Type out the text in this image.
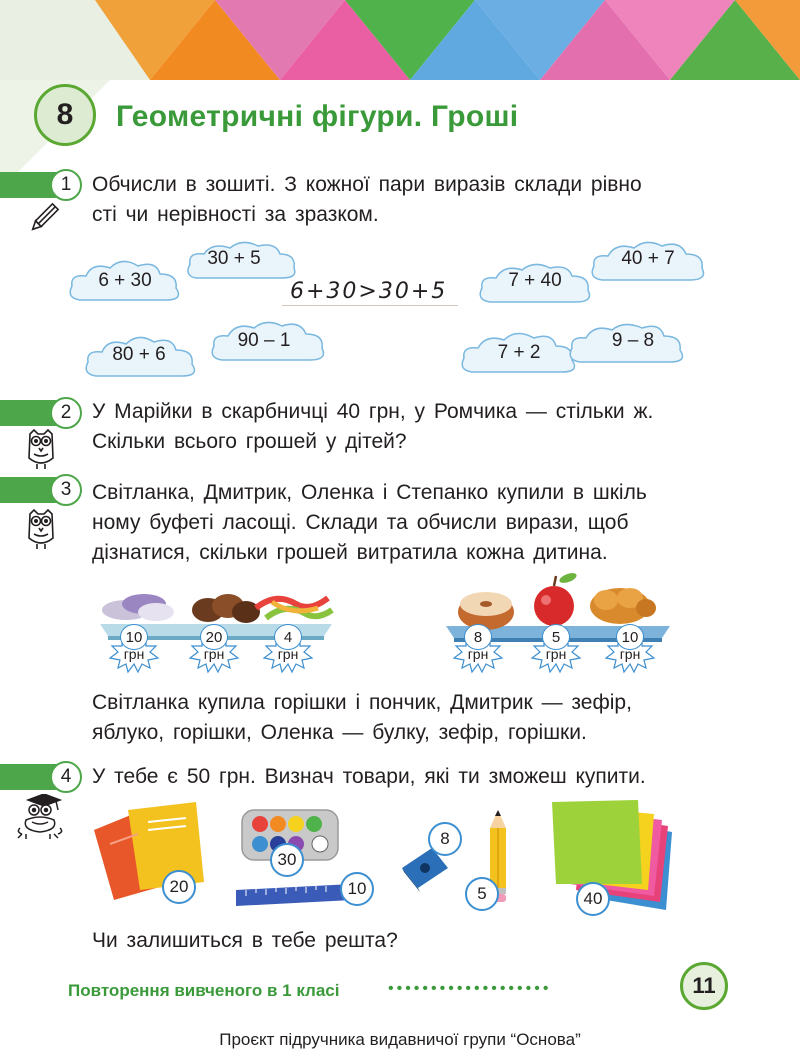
8	Геометричні фігури. Гроші
1 Обчисли в зошиті. З кожної пари виразів склади рівно
сті чи нерівності за зразком.
6 + 30
30 + 5
80 + 6
90 – 1
6+30>30+5	7 + 40
40 + 7
7 + 2
9 – 8
2 У Марійки в скарбничці 40 грн, у Ромчика — стільки ж.
Скільки всього грошей у дітей?
3 Світланка, Дмитрик, Оленка і Степанко купили в шкіль
ному буфеті ласощі. Склади та обчисли вирази, щоб
дізнатися, скільки грошей витратила кожна дитина.
10
грн
20
грн
4
грн
8
грн
5
грн
10
грн
Світланка купила горішки і пончик, Дмитрик — зефір,
яблуко, горішки, Оленка — булку, зефір, горішки.
4 У тебе є 50 грн. Визнач товари, які ти зможеш купити.
20
30
10
8
5	40
Чи залишиться в тебе решта?
Повторення вивченого в 1 класі	•••••••••••••••••••	11
Проєкт підручника видавничої групи “Основа”
